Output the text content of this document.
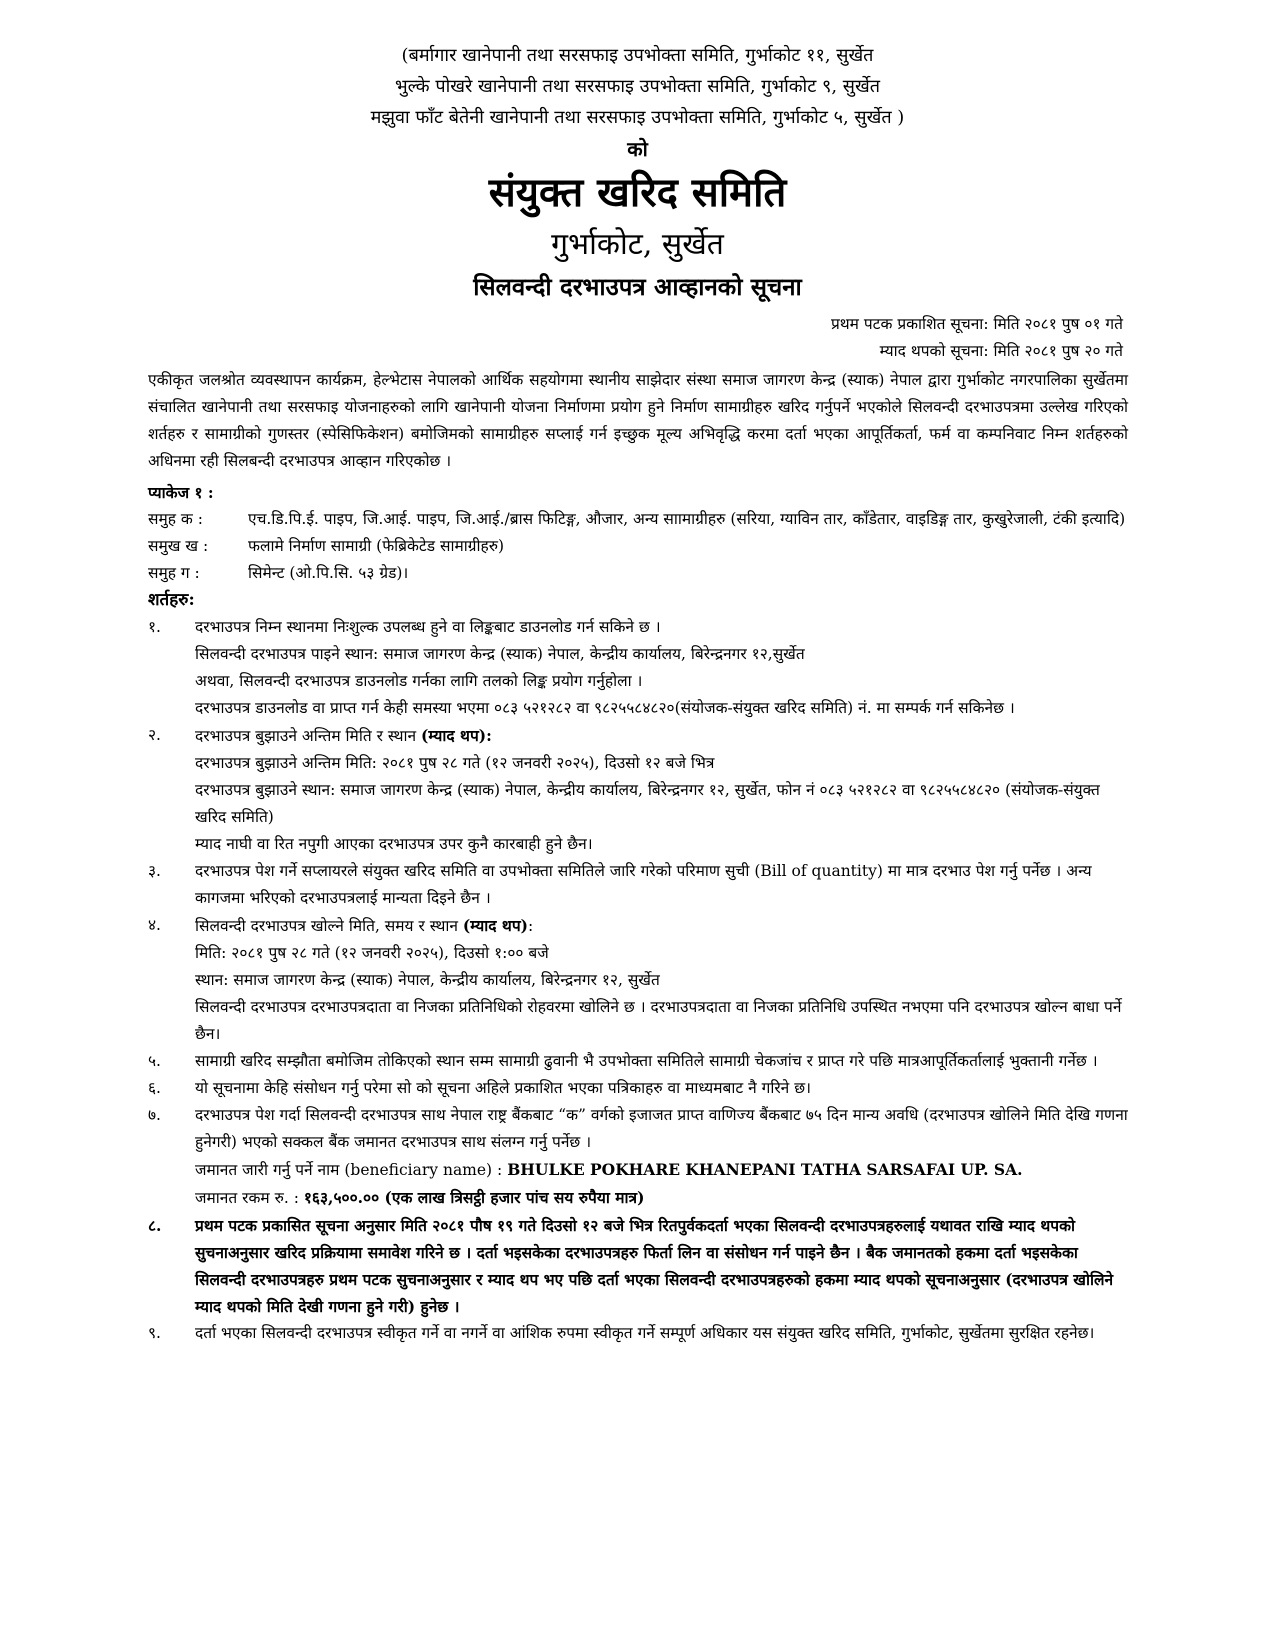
(बर्मागार खानेपानी तथा सरसफाइ उपभोक्ता समिति, गुर्भाकोट ११, सुर्खेत
भुल्के पोखरे खानेपानी तथा सरसफाइ उपभोक्ता समिति, गुर्भाकोट ९, सुर्खेत
मझुवा फाँट बेतेनी खानेपानी तथा सरसफाइ उपभोक्ता समिति, गुर्भाकोट ५, सुर्खेत )
को
संयुक्त खरिद समिति
गुर्भाकोट, सुर्खेत
सिलवन्दी दरभाउपत्र आव्हानको सूचना
प्रथम पटक प्रकाशित सूचना: मिति २०८१ पुष ०१ गते
म्याद थपको सूचना: मिति २०८१ पुष २० गते
एकीकृत जलश्रोत व्यवस्थापन कार्यक्रम, हेल्भेटास नेपालको आर्थिक सहयोगमा स्थानीय साझेदार संस्था समाज जागरण केन्द्र (स्याक) नेपाल द्वारा गुर्भाकोट नगरपालिका सुर्खेतमा संचालित खानेपानी तथा सरसफाइ योजनाहरुको लागि खानेपानी योजना निर्माणमा प्रयोग हुने निर्माण सामाग्रीहरु खरिद गर्नुपर्ने भएकोले सिलवन्दी दरभाउपत्रमा उल्लेख गरिएको शर्तहरु र सामाग्रीको गुणस्तर (स्पेसिफिकेशन) बमोजिमको सामाग्रीहरु सप्लाई गर्न इच्छुक मूल्य अभिवृद्धि करमा दर्ता भएका आपूर्तिकर्ता, फर्म वा कम्पनिवाट निम्न शर्तहरुको अधिनमा रही सिलबन्दी दरभाउपत्र आव्हान गरिएकोछ ।
प्याकेज १ :
समुह क :	एच.डि.पि.ई. पाइप, जि.आई. पाइप, जि.आई./ब्रास फिटिङ्ग, औजार, अन्य साामाग्रीहरु (सरिया, ग्याविन तार, काँडेतार, वाइडिङ्ग तार, कुखुरेजाली, टंकी इत्यादि)
समुख ख :	फलामे निर्माण सामाग्री (फेब्रिकेटेड सामाग्रीहरु)
समुह ग :	सिमेन्ट (ओ.पि.सि. ५३ ग्रेड)।
शर्तहरु:
१.	दरभाउपत्र निम्न स्थानमा निःशुल्क उपलब्ध हुने वा लिङ्कबाट डाउनलोड गर्न सकिने छ ।
सिलवन्दी दरभाउपत्र पाइने स्थान: समाज जागरण केन्द्र (स्याक) नेपाल, केन्द्रीय कार्यालय, बिरेन्द्रनगर १२,सुर्खेत
अथवा, सिलवन्दी दरभाउपत्र डाउनलोड गर्नका लागि तलको लिङ्क प्रयोग गर्नुहोला ।
दरभाउपत्र डाउनलोड वा प्राप्त गर्न केही समस्या भएमा ०८३ ५२१२८२ वा ९८२५५८४८२०(संयोजक-संयुक्त खरिद समिति) नं. मा सम्पर्क गर्न सकिनेछ ।
२.	दरभाउपत्र बुझाउने अन्तिम मिति र स्थान (म्याद थप):
दरभाउपत्र बुझाउने अन्तिम मिति: २०८१ पुष २८ गते (१२ जनवरी २०२५), दिउसो १२ बजे भित्र
दरभाउपत्र बुझाउने स्थान: समाज जागरण केन्द्र (स्याक) नेपाल, केन्द्रीय कार्यालय, बिरेन्द्रनगर १२, सुर्खेत, फोन नं ०८३ ५२१२८२ वा ९८२५५८४८२० (संयोजक-संयुक्त खरिद समिति)
म्याद नाघी वा रित नपुगी आएका दरभाउपत्र उपर कुनै कारबाही हुने छैन।
३.	दरभाउपत्र पेश गर्ने सप्लायरले संयुक्त खरिद समिति वा उपभोक्ता समितिले जारि गरेको परिमाण सुची (Bill of quantity) मा मात्र दरभाउ पेश गर्नु पर्नेछ । अन्य कागजमा भरिएको दरभाउपत्रलाई मान्यता दिइने छैन ।
४.	सिलवन्दी दरभाउपत्र खोल्ने मिति, समय र स्थान (म्याद थप):
मिति: २०८१ पुष २८ गते (१२ जनवरी २०२५), दिउसो १:०० बजे
स्थान: समाज जागरण केन्द्र (स्याक) नेपाल, केन्द्रीय कार्यालय, बिरेन्द्रनगर १२, सुर्खेत
सिलवन्दी दरभाउपत्र दरभाउपत्रदाता वा निजका प्रतिनिधिको रोहवरमा खोलिने छ । दरभाउपत्रदाता वा निजका प्रतिनिधि उपस्थित नभएमा पनि दरभाउपत्र खोल्न बाधा पर्ने छैन।
५.	सामाग्री खरिद सम्झौता बमोजिम तोकिएको स्थान सम्म सामाग्री ढुवानी भै उपभोक्ता समितिले सामाग्री चेकजांच र प्राप्त गरे पछि मात्रआपूर्तिकर्तालाई भुक्तानी गर्नेछ ।
६.	यो सूचनामा केहि संसोधन गर्नु परेमा सो को सूचना अहिले प्रकाशित भएका पत्रिकाहरु वा माध्यमबाट नै गरिने छ।
७.	दरभाउपत्र पेश गर्दा सिलवन्दी दरभाउपत्र साथ नेपाल राष्ट्र बैंकबाट “क” वर्गको इजाजत प्राप्त वाणिज्य बैंकबाट ७५ दिन मान्य अवधि (दरभाउपत्र खोलिने मिति देखि गणना हुनेगरी) भएको सक्कल बैंक जमानत दरभाउपत्र साथ संलग्न गर्नु पर्नेछ ।
जमानत जारी गर्नु पर्ने नाम (beneficiary name) : BHULKE POKHARE KHANEPANI TATHA SARSAFAI UP. SA.
जमानत रकम रु. : १६३,५००.०० (एक लाख त्रिसट्ठी हजार पांच सय रुपैया मात्र)
८.	प्रथम पटक प्रकासित सूचना अनुसार मिति २०८१ पौष १९ गते दिउसो १२ बजे भित्र रितपुर्वकदर्ता भएका सिलवन्दी दरभाउपत्रहरुलाई यथावत राखि म्याद थपको सुचनाअनुसार खरिद प्रक्रियामा समावेश गरिने छ । दर्ता भइसकेका दरभाउपत्रहरु फिर्ता लिन वा संसोधन गर्न पाइने छैन । बैक जमानतको हकमा दर्ता भइसकेका सिलवन्दी दरभाउपत्रहरु प्रथम पटक सुचनाअनुसार र म्याद थप भए पछि दर्ता भएका सिलवन्दी दरभाउपत्रहरुको हकमा म्याद थपको सूचनाअनुसार (दरभाउपत्र खोलिने म्याद थपको मिति देखी गणना हुने गरी) हुनेछ ।
९.	दर्ता भएका सिलवन्दी दरभाउपत्र स्वीकृत गर्ने वा नगर्ने वा आंशिक रुपमा स्वीकृत गर्ने सम्पूर्ण अधिकार यस संयुक्त खरिद समिति, गुर्भाकोट, सुर्खेतमा सुरक्षित रहनेछ।
